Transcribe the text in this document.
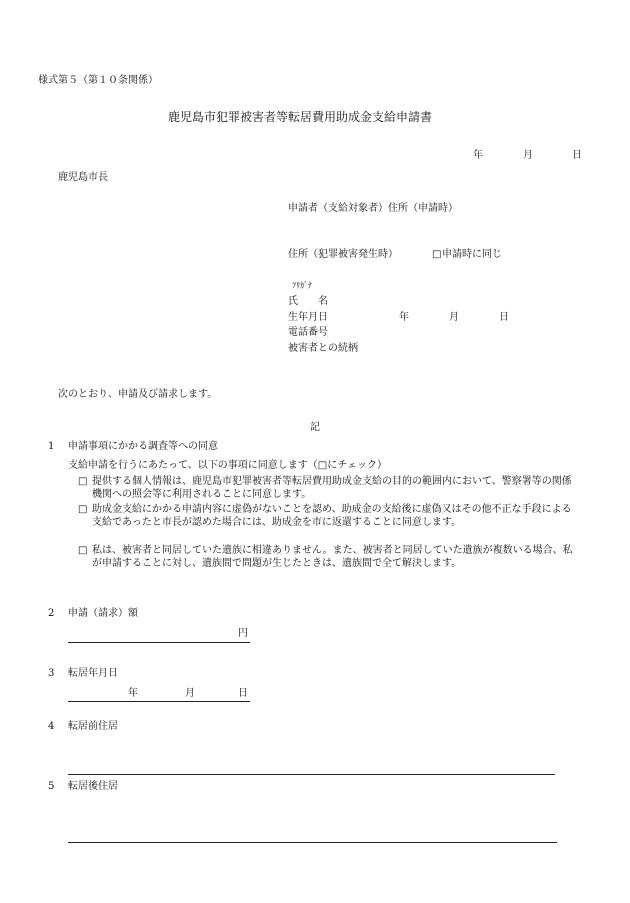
様式第５（第１０条関係）
鹿児島市犯罪被害者等転居費用助成金支給申請書
年	月	日
鹿児島市長
申請者（支給対象者）住所（申請時）
住所（犯罪被害発生時）	□ 申請時に同じ
ﾌﾘｶﾞﾅ
氏　　名
生年月日	年	月	日
電話番号
被害者との続柄
次のとおり、申請及び請求します。
記
1 申請事項にかかる調査等への同意
支給申請を行うにあたって、以下の事項に同意します（□にチェック）
□ 提供する個人情報は、鹿児島市犯罪被害者等転居費用助成金支給の目的の範囲内において、警察署等の関係機関への照会等に利用されることに同意します。
□ 助成金支給にかかる申請内容に虚偽がないことを認め、助成金の支給後に虚偽又はその他不正な手段による支給であったと市長が認めた場合には、助成金を市に返還することに同意します。
□ 私は、被害者と同居していた遺族に相違ありません。また、被害者と同居していた遺族が複数いる場合、私が申請することに対し、遺族間で問題が生じたときは、遺族間で全て解決します。
2 申請（請求）額
円
3 転居年月日
年	月	日
4 転居前住居
5 転居後住居
